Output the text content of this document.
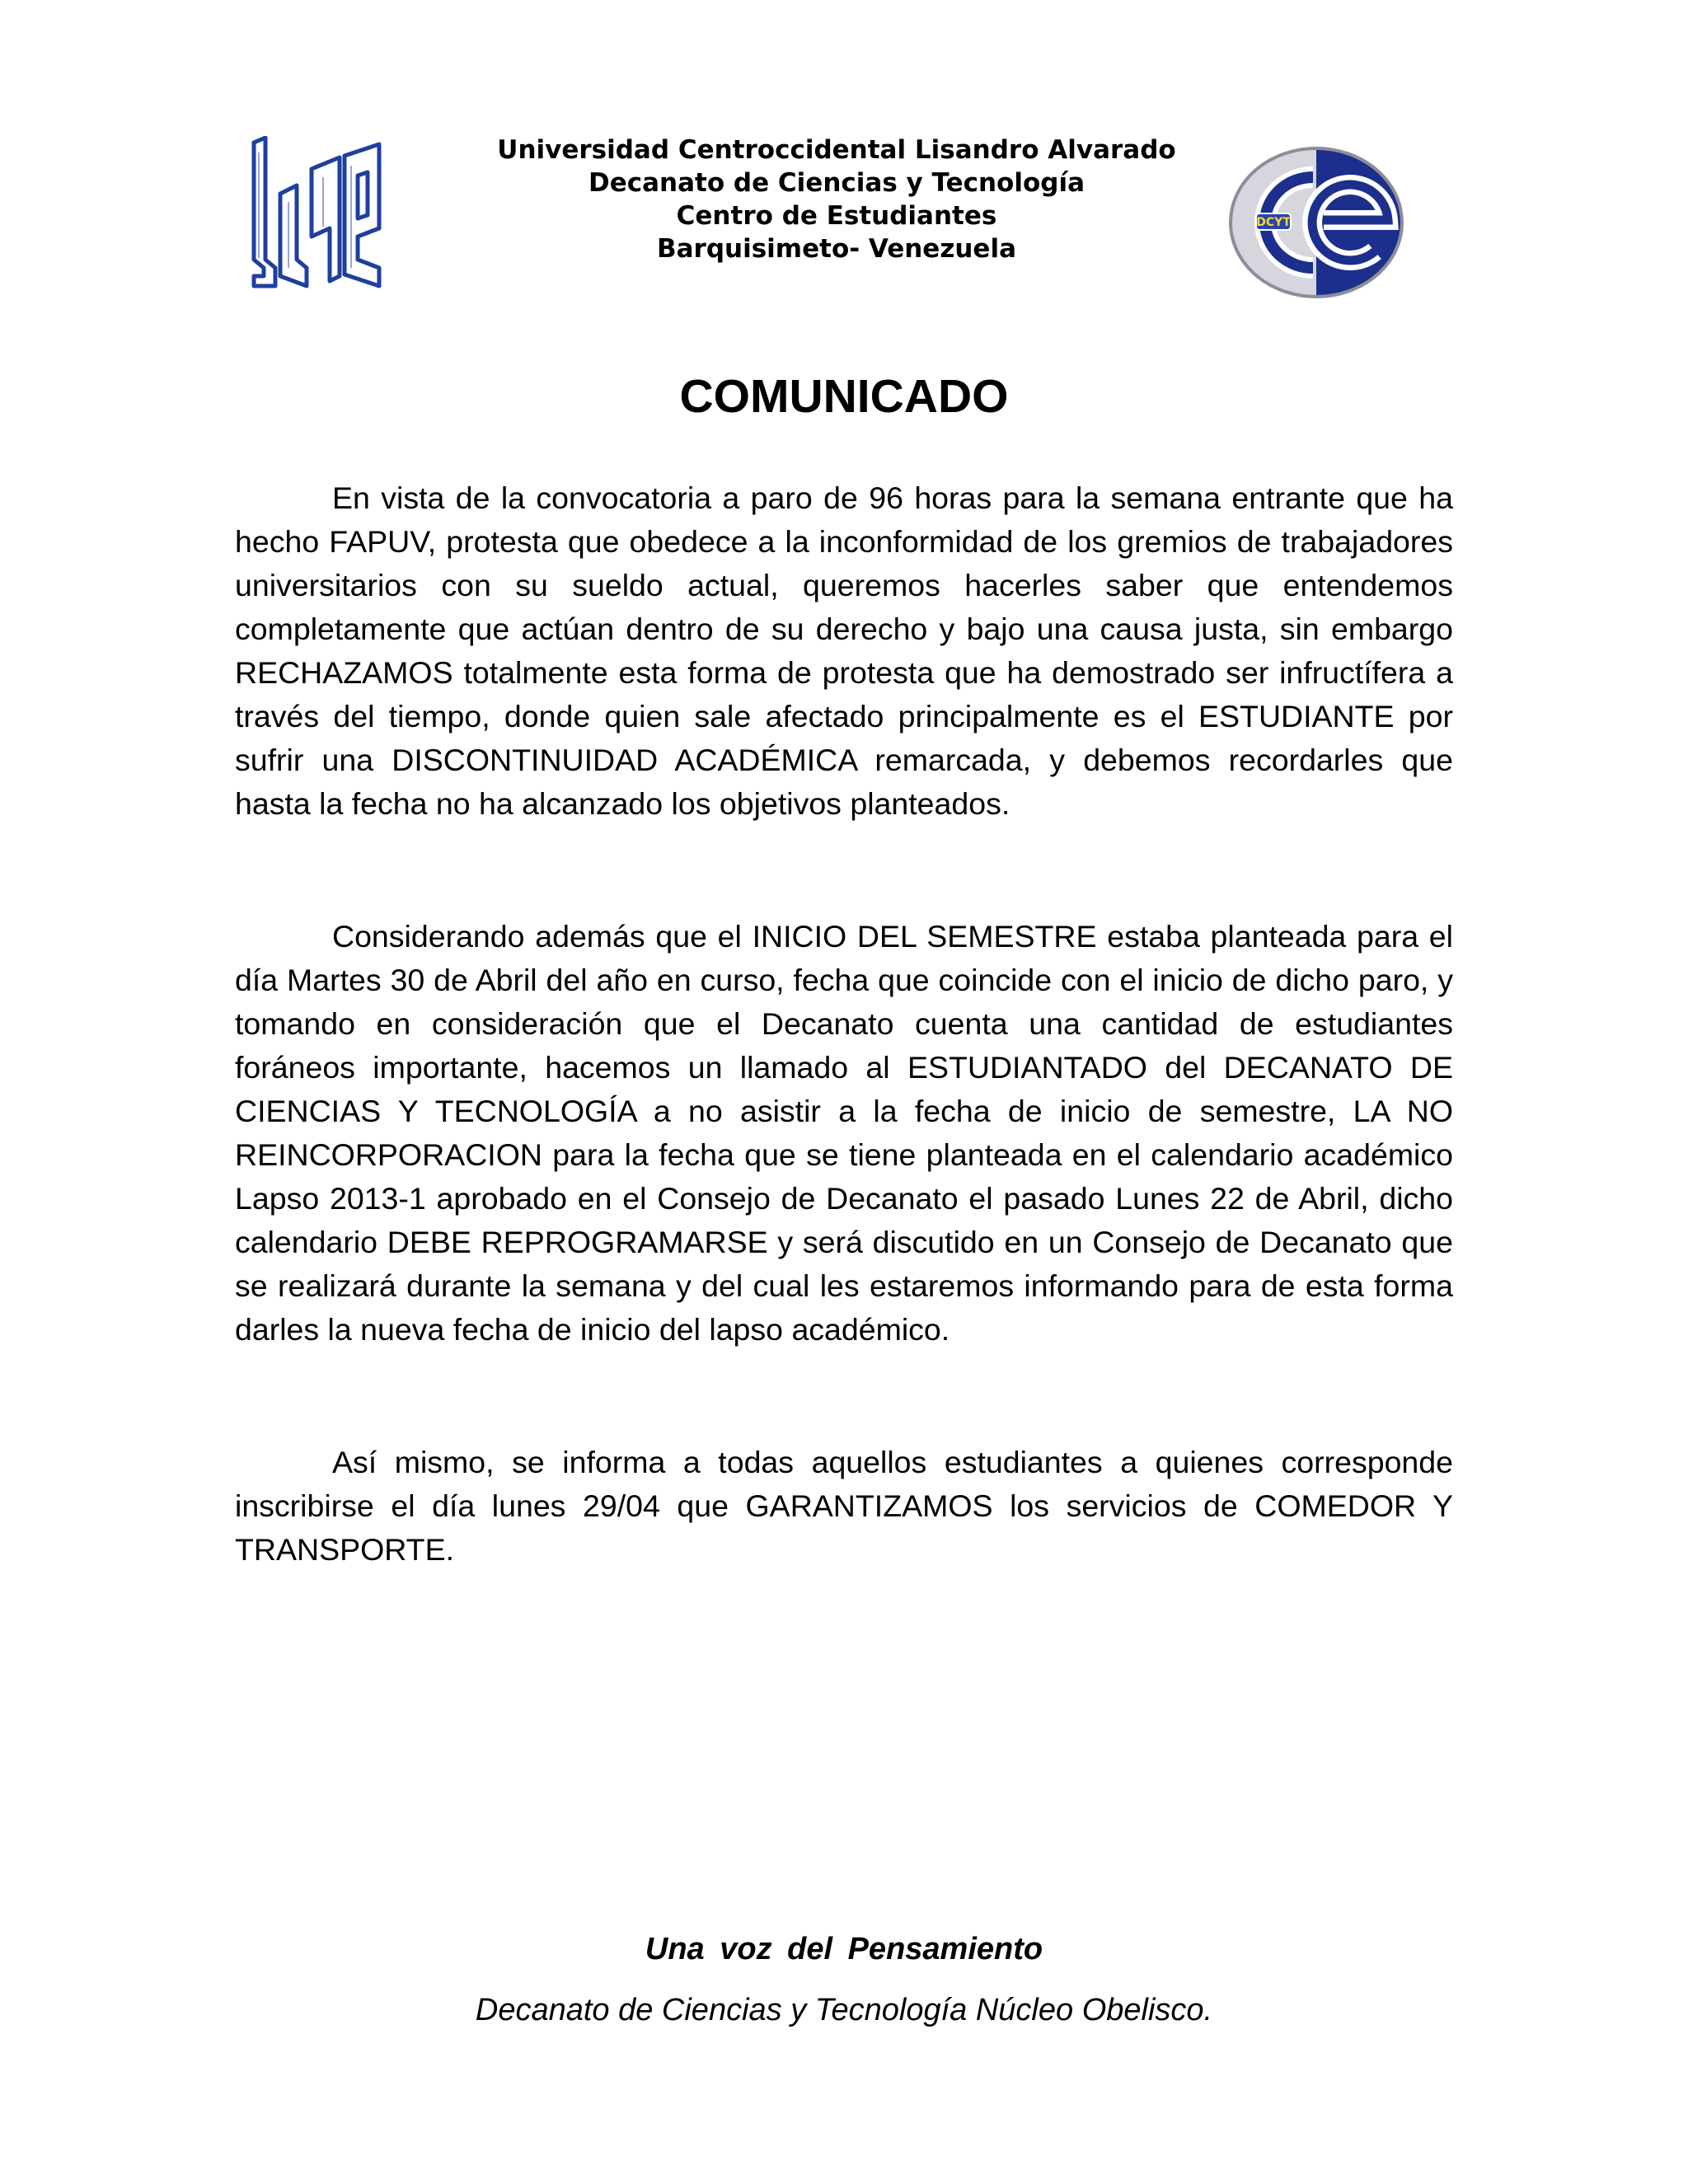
Universidad Centroccidental Lisandro Alvarado
Decanato de Ciencias y Tecnología
Centro de Estudiantes
Barquisimeto- Venezuela
DCYT
COMUNICADO

En vista de la convocatoria a paro de 96 horas para la semana entrante que ha hecho FAPUV, protesta que obedece a la inconformidad de los gremios de trabajadores universitarios con su sueldo actual, queremos hacerles saber que entendemos completamente que actúan dentro de su derecho y bajo una causa justa, sin embargo RECHAZAMOS totalmente esta forma de protesta que ha demostrado ser infructífera a través del tiempo, donde quien sale afectado principalmente es el ESTUDIANTE por sufrir una DISCONTINUIDAD ACADÉMICA remarcada, y debemos recordarles que hasta la fecha no ha alcanzado los objetivos planteados.

Considerando además que el INICIO DEL SEMESTRE estaba planteada para el día Martes 30 de Abril del año en curso, fecha que coincide con el inicio de dicho paro, y tomando en consideración que el Decanato cuenta una cantidad de estudiantes foráneos importante, hacemos un llamado al ESTUDIANTADO del DECANATO DE CIENCIAS Y TECNOLOGÍA a no asistir a la fecha de inicio de semestre, LA NO REINCORPORACION para la fecha que se tiene planteada en el calendario académico Lapso 2013-1 aprobado en el Consejo de Decanato el pasado Lunes 22 de Abril, dicho calendario DEBE REPROGRAMARSE y será discutido en un Consejo de Decanato que se realizará durante la semana y del cual les estaremos informando para de esta forma darles la nueva fecha de inicio del lapso académico.

Así mismo, se informa a todas aquellos estudiantes a quienes corresponde inscribirse el día lunes 29/04 que GARANTIZAMOS los servicios de COMEDOR Y TRANSPORTE.

Una voz del Pensamiento
Decanato de Ciencias y Tecnología Núcleo Obelisco.
